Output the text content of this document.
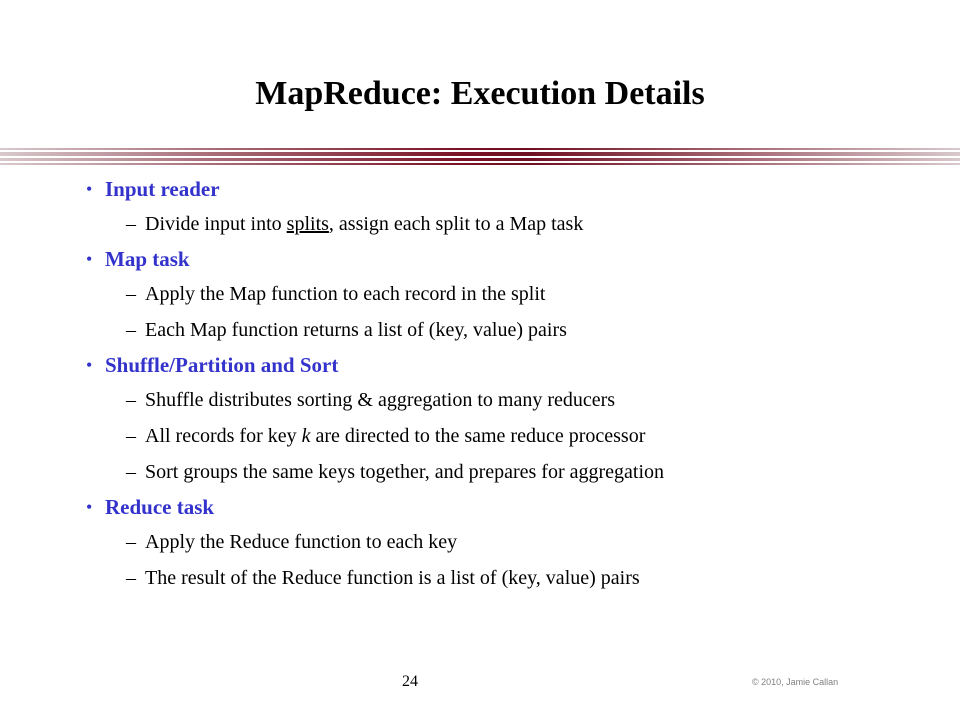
MapReduce: Execution Details
• Input reader
– Divide input into splits, assign each split to a Map task
• Map task
– Apply the Map function to each record in the split
– Each Map function returns a list of (key, value) pairs
• Shuffle/Partition and Sort
– Shuffle distributes sorting & aggregation to many reducers
– All records for key k are directed to the same reduce processor
– Sort groups the same keys together, and prepares for aggregation
• Reduce task
– Apply the Reduce function to each key
– The result of the Reduce function is a list of (key, value) pairs
24	© 2010, Jamie Callan
